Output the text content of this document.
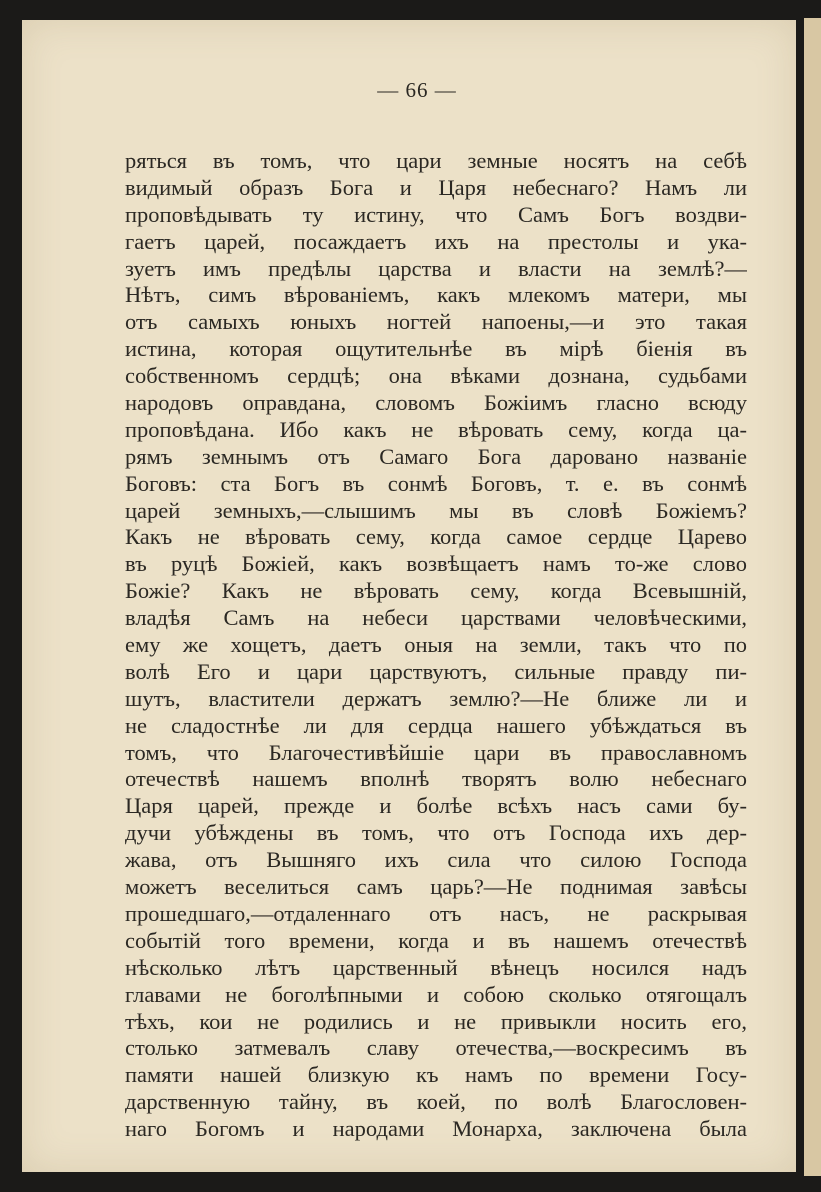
— 66 —
ряться въ томъ, что цари земные носятъ на себѣ
видимый образъ Бога и Царя небеснаго? Намъ ли
проповѣдывать ту истину, что Самъ Богъ воздви-
гаетъ царей, посаждаетъ ихъ на престолы и ука-
зуетъ имъ предѣлы царства и власти на землѣ?—
Нѣтъ, симъ вѣрованіемъ, какъ млекомъ матери, мы
отъ самыхъ юныхъ ногтей напоены,—и это такая
истина, которая ощутительнѣе въ мірѣ біенія въ
собственномъ сердцѣ; она вѣками дознана, судьбами
народовъ оправдана, словомъ Божіимъ гласно всюду
проповѣдана. Ибо какъ не вѣровать сему, когда ца-
рямъ земнымъ отъ Самаго Бога даровано названіе
Боговъ: ста Богъ въ сонмѣ Боговъ, т. е. въ сонмѣ
царей земныхъ,—слышимъ мы въ словѣ Божіемъ?
Какъ не вѣровать сему, когда самое сердце Царево
въ руцѣ Божіей, какъ возвѣщаетъ намъ то-же слово
Божіе? Какъ не вѣровать сему, когда Всевышній,
владѣя Самъ на небеси царствами человѣческими,
ему же хощетъ, даетъ оныя на земли, такъ что по
волѣ Его и цари царствуютъ, сильные правду пи-
шутъ, властители держатъ землю?—Не ближе ли и
не сладостнѣе ли для сердца нашего убѣждаться въ
томъ, что Благочестивѣйшіе цари въ православномъ
отечествѣ нашемъ вполнѣ творятъ волю небеснаго
Царя царей, прежде и болѣе всѣхъ насъ сами бу-
дучи убѣждены въ томъ, что отъ Господа ихъ дер-
жава, отъ Вышняго ихъ сила что силою Господа
можетъ веселиться самъ царь?—Не поднимая завѣсы
прошедшаго,—отдаленнаго отъ насъ, не раскрывая
событій того времени, когда и въ нашемъ отечествѣ
нѣсколько лѣтъ царственный вѣнецъ носился надъ
главами не боголѣпными и собою сколько отягощалъ
тѣхъ, кои не родились и не привыкли носить его,
столько затмевалъ славу отечества,—воскресимъ въ
памяти нашей близкую къ намъ по времени Госу-
дарственную тайну, въ коей, по волѣ Благословен-
наго Богомъ и народами Монарха, заключена была
